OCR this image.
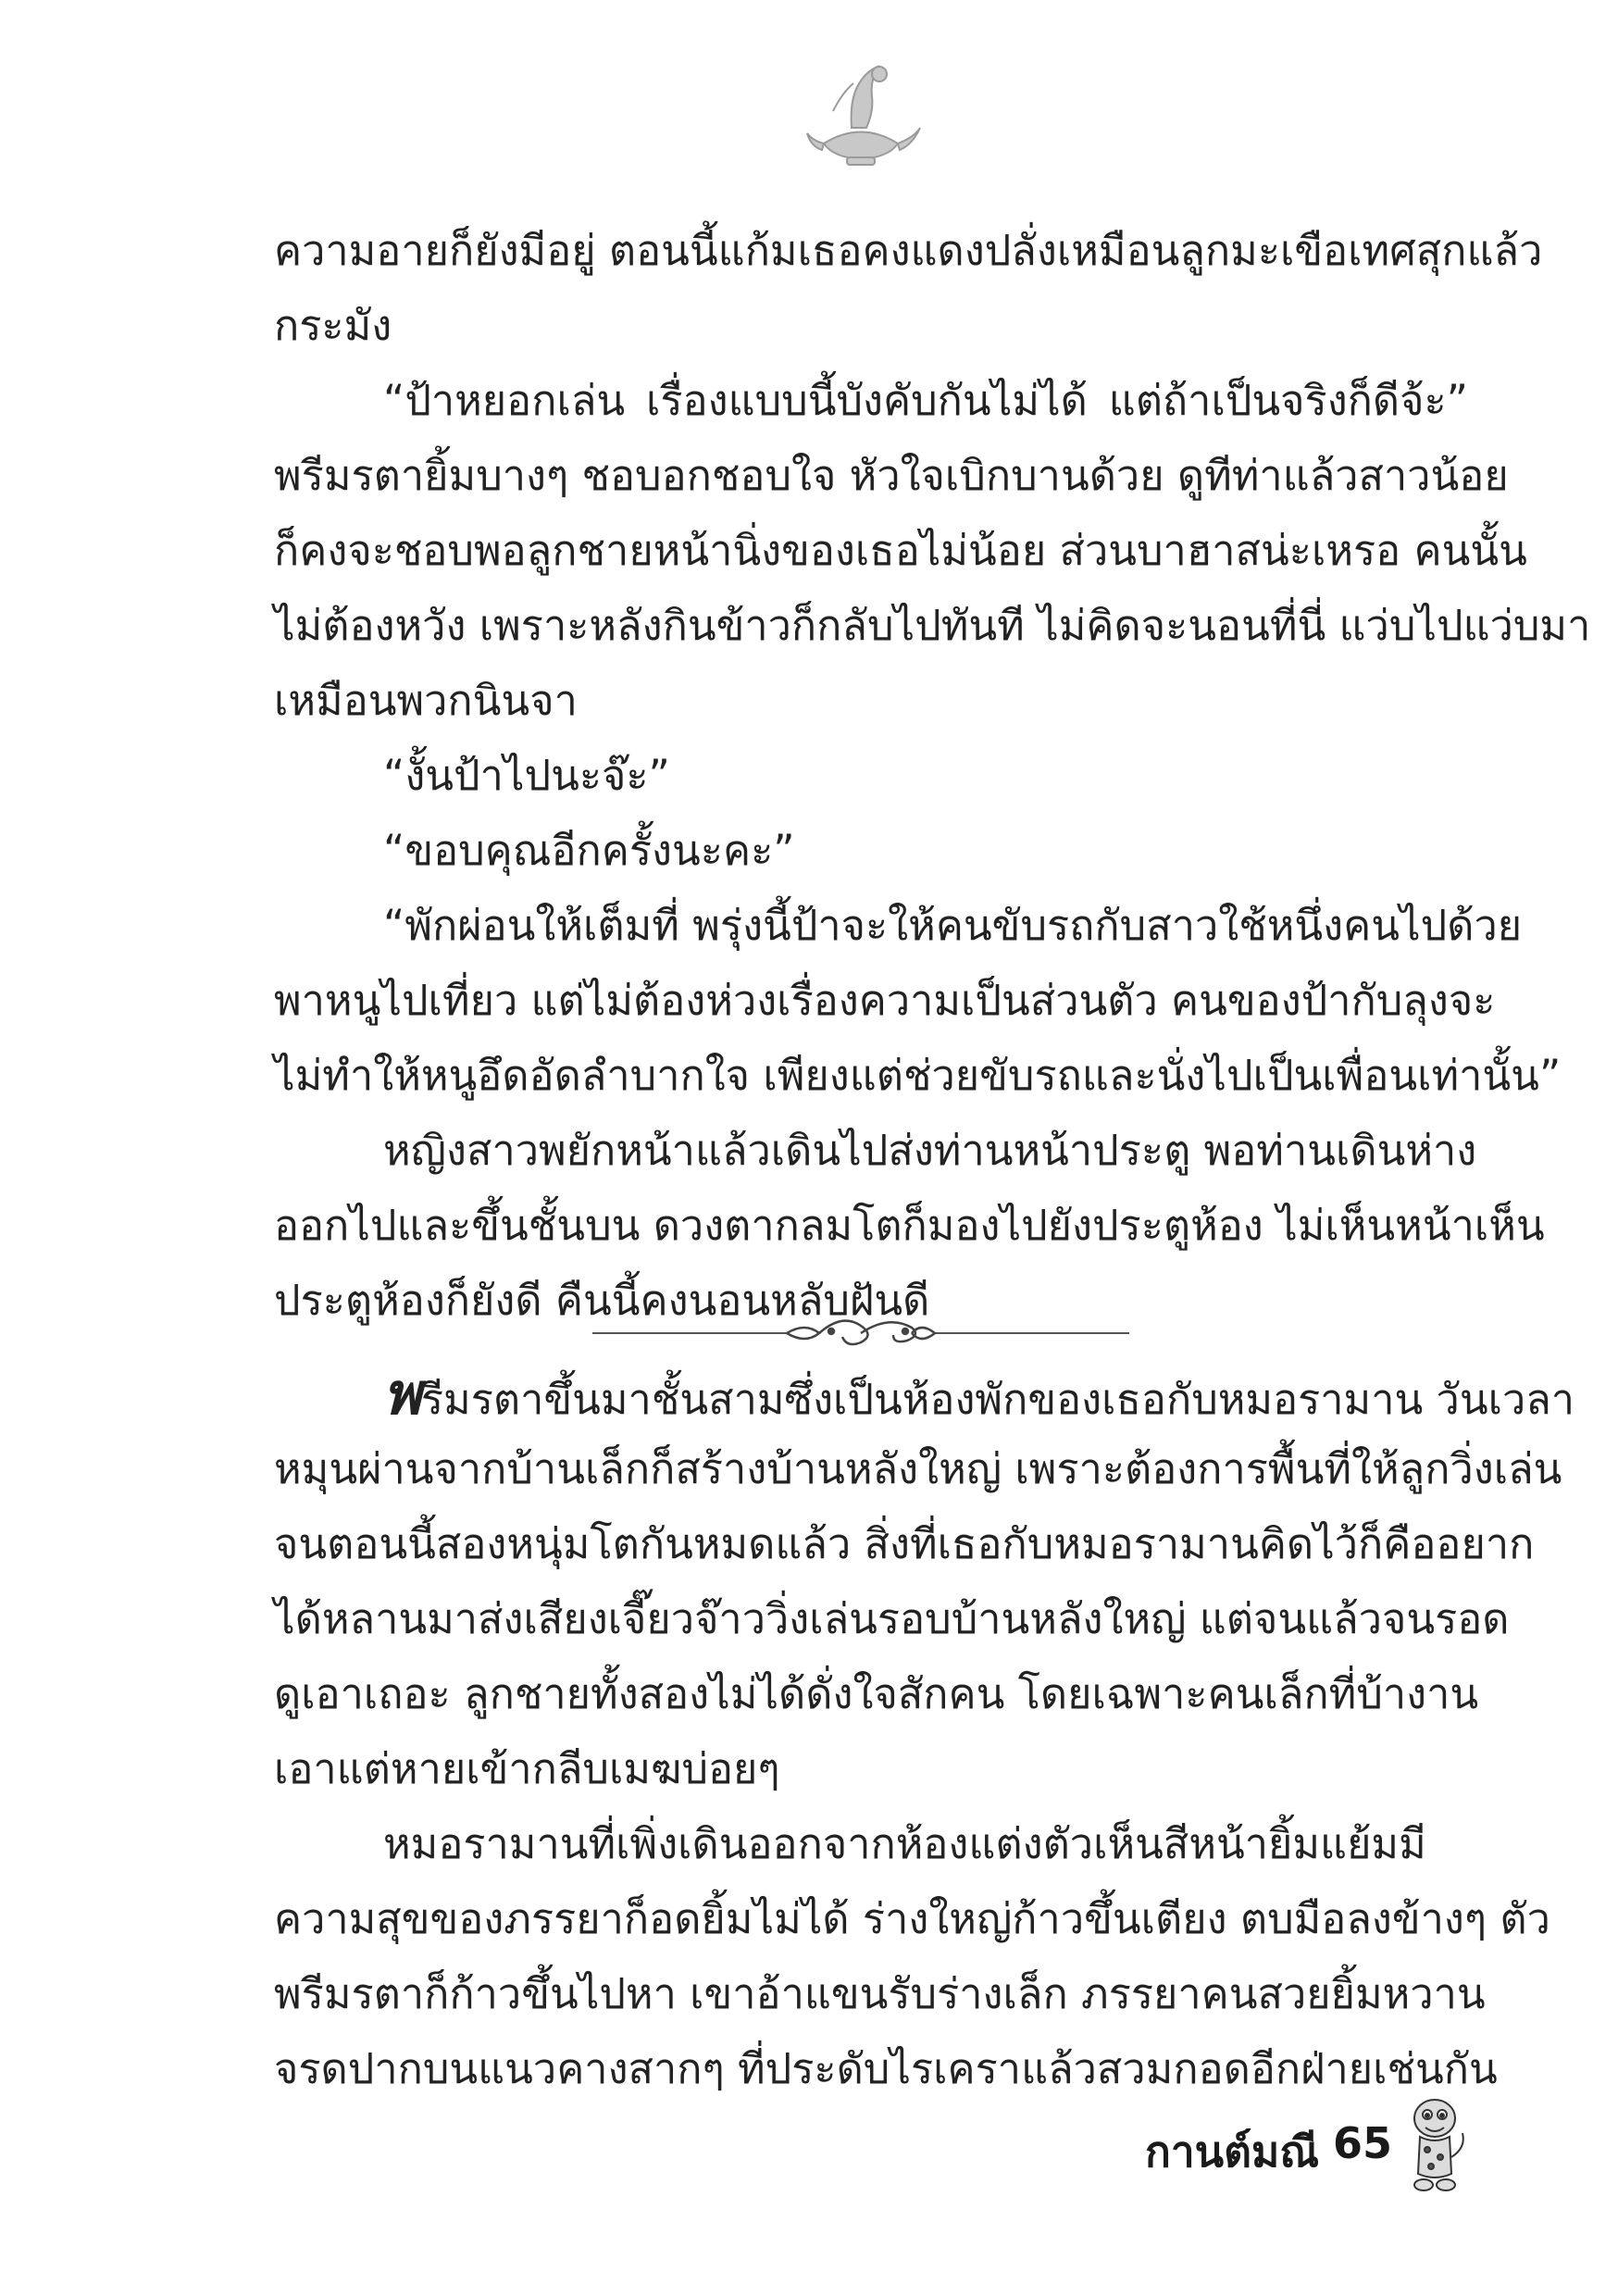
ความอายก็ยังมีอยู่ ตอนนี้แก้มเธอคงแดงปลั่งเหมือนลูกมะเขือเทศสุกแล้ว
กระมัง
“ป้าหยอกเล่น เรื่องแบบนี้บังคับกันไม่ได้ แต่ถ้าเป็นจริงก็ดีจ้ะ”
พรีมรตายิ้มบางๆ ชอบอกชอบใจ หัวใจเบิกบานด้วย ดูทีท่าแล้วสาวน้อย
ก็คงจะชอบพอลูกชายหน้านิ่งของเธอไม่น้อย ส่วนบาฮาสน่ะเหรอ คนนั้น
ไม่ต้องหวัง เพราะหลังกินข้าวก็กลับไปทันที ไม่คิดจะนอนที่นี่ แว่บไปแว่บมา
เหมือนพวกนินจา
“งั้นป้าไปนะจ๊ะ”
“ขอบคุณอีกครั้งนะคะ”
“พักผ่อนให้เต็มที่ พรุ่งนี้ป้าจะให้คนขับรถกับสาวใช้หนึ่งคนไปด้วย
พาหนูไปเที่ยว แต่ไม่ต้องห่วงเรื่องความเป็นส่วนตัว คนของป้ากับลุงจะ
ไม่ทำให้หนูอึดอัดลำบากใจ เพียงแต่ช่วยขับรถและนั่งไปเป็นเพื่อนเท่านั้น”
หญิงสาวพยักหน้าแล้วเดินไปส่งท่านหน้าประตู พอท่านเดินห่าง
ออกไปและขึ้นชั้นบน ดวงตากลมโตก็มองไปยังประตูห้อง ไม่เห็นหน้าเห็น
ประตูห้องก็ยังดี คืนนี้คงนอนหลับฝันดี
พรีมรตาขึ้นมาชั้นสามซึ่งเป็นห้องพักของเธอกับหมอรามาน วันเวลา
หมุนผ่านจากบ้านเล็กก็สร้างบ้านหลังใหญ่ เพราะต้องการพื้นที่ให้ลูกวิ่งเล่น
จนตอนนี้สองหนุ่มโตกันหมดแล้ว สิ่งที่เธอกับหมอรามานคิดไว้ก็คืออยาก
ได้หลานมาส่งเสียงเจี๊ยวจ๊าววิ่งเล่นรอบบ้านหลังใหญ่ แต่จนแล้วจนรอด
ดูเอาเถอะ ลูกชายทั้งสองไม่ได้ดั่งใจสักคน โดยเฉพาะคนเล็กที่บ้างาน
เอาแต่หายเข้ากลีบเมฆบ่อยๆ
หมอรามานที่เพิ่งเดินออกจากห้องแต่งตัวเห็นสีหน้ายิ้มแย้มมี
ความสุขของภรรยาก็อดยิ้มไม่ได้ ร่างใหญ่ก้าวขึ้นเตียง ตบมือลงข้างๆ ตัว
พรีมรตาก็ก้าวขึ้นไปหา เขาอ้าแขนรับร่างเล็ก ภรรยาคนสวยยิ้มหวาน
จรดปากบนแนวคางสากๆ ที่ประดับไรเคราแล้วสวมกอดอีกฝ่ายเช่นกัน
กานต์มณี 65
